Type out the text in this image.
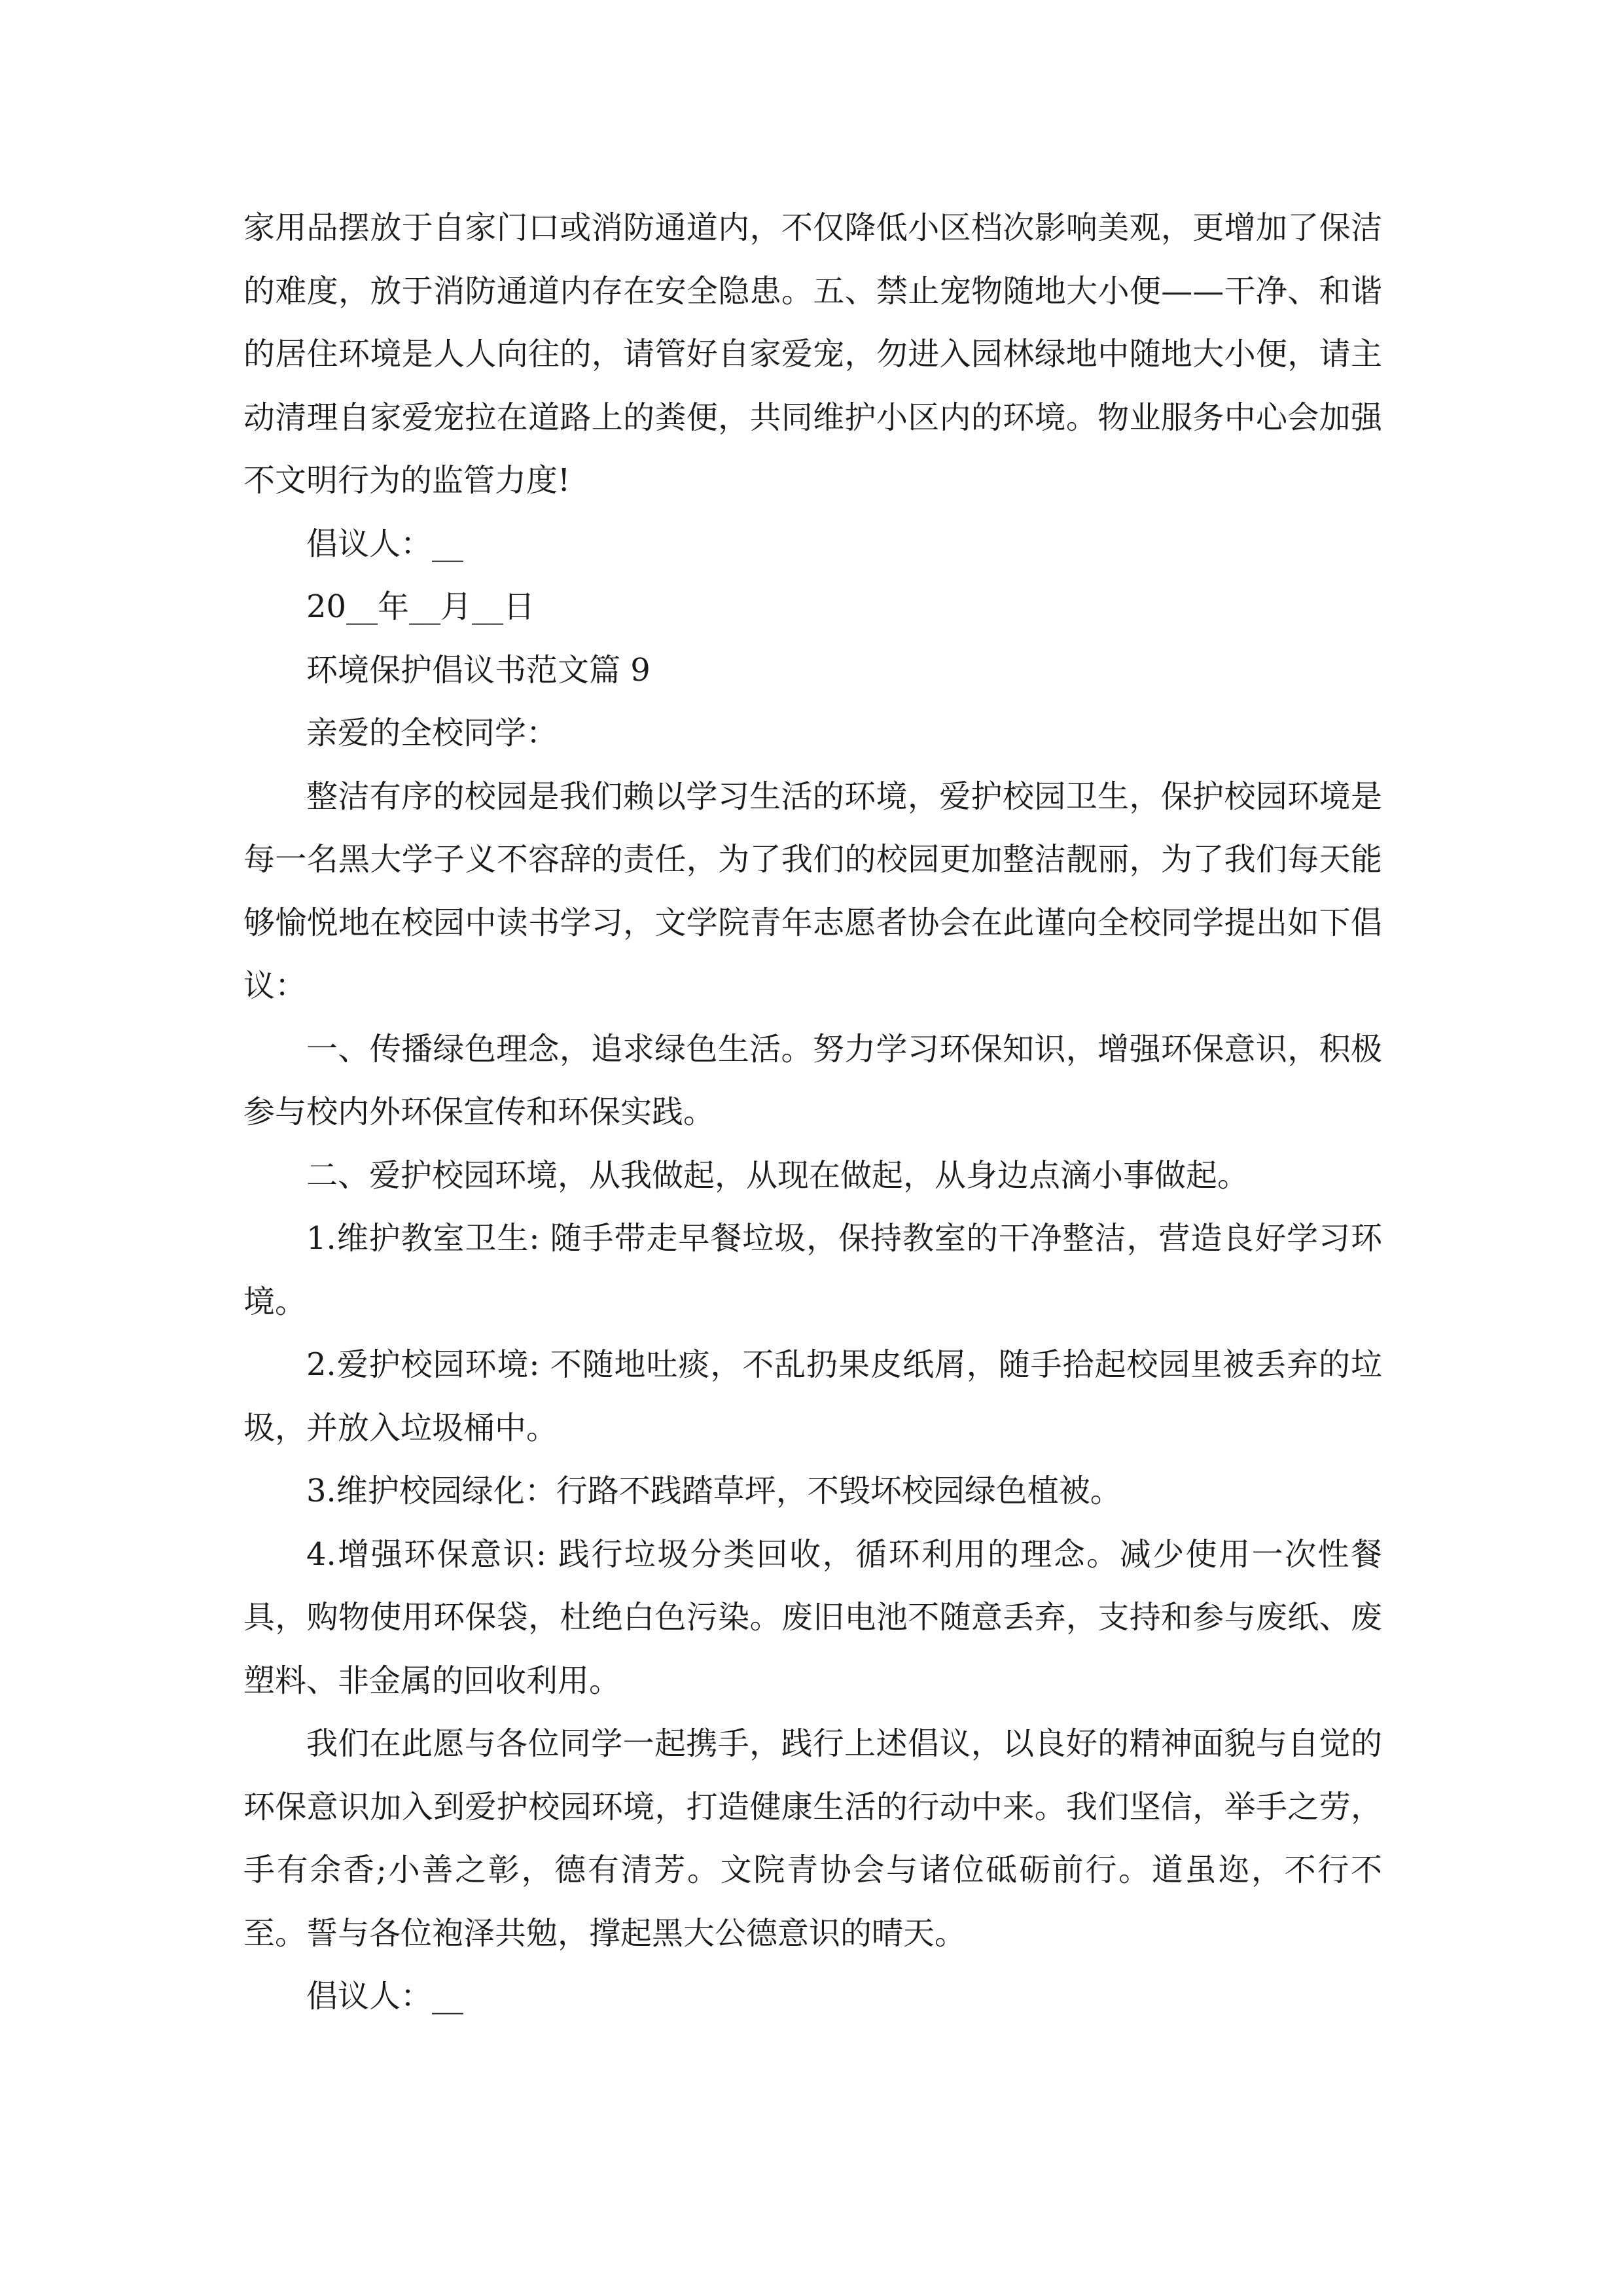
家用品摆放于自家门口或消防通道内，不仅降低小区档次影响美观，更增加了保洁的难度，放于消防通道内存在安全隐患。五、禁止宠物随地大小便——干净、和谐的居住环境是人人向往的，请管好自家爱宠，勿进入园林绿地中随地大小便，请主动清理自家爱宠拉在道路上的粪便，共同维护小区内的环境。物业服务中心会加强不文明行为的监管力度!

倡议人：__

20__年__月__日

环境保护倡议书范文篇 9

亲爱的全校同学：

整洁有序的校园是我们赖以学习生活的环境，爱护校园卫生，保护校园环境是每一名黑大学子义不容辞的责任，为了我们的校园更加整洁靓丽，为了我们每天能够愉悦地在校园中读书学习，文学院青年志愿者协会在此谨向全校同学提出如下倡议：

一、传播绿色理念，追求绿色生活。努力学习环保知识，增强环保意识，积极参与校内外环保宣传和环保实践。

二、爱护校园环境，从我做起，从现在做起，从身边点滴小事做起。

1.维护教室卫生: 随手带走早餐垃圾，保持教室的干净整洁，营造良好学习环境。

2.爱护校园环境: 不随地吐痰，不乱扔果皮纸屑，随手拾起校园里被丢弃的垃圾，并放入垃圾桶中。

3.维护校园绿化：行路不践踏草坪，不毁坏校园绿色植被。

4.增强环保意识: 践行垃圾分类回收，循环利用的理念。减少使用一次性餐具，购物使用环保袋，杜绝白色污染。废旧电池不随意丢弃，支持和参与废纸、废塑料、非金属的回收利用。

我们在此愿与各位同学一起携手，践行上述倡议，以良好的精神面貌与自觉的环保意识加入到爱护校园环境，打造健康生活的行动中来。我们坚信，举手之劳，手有余香;小善之彰，德有清芳。文院青协会与诸位砥砺前行。道虽迩，不行不至。誓与各位袍泽共勉，撑起黑大公德意识的晴天。

倡议人：__
